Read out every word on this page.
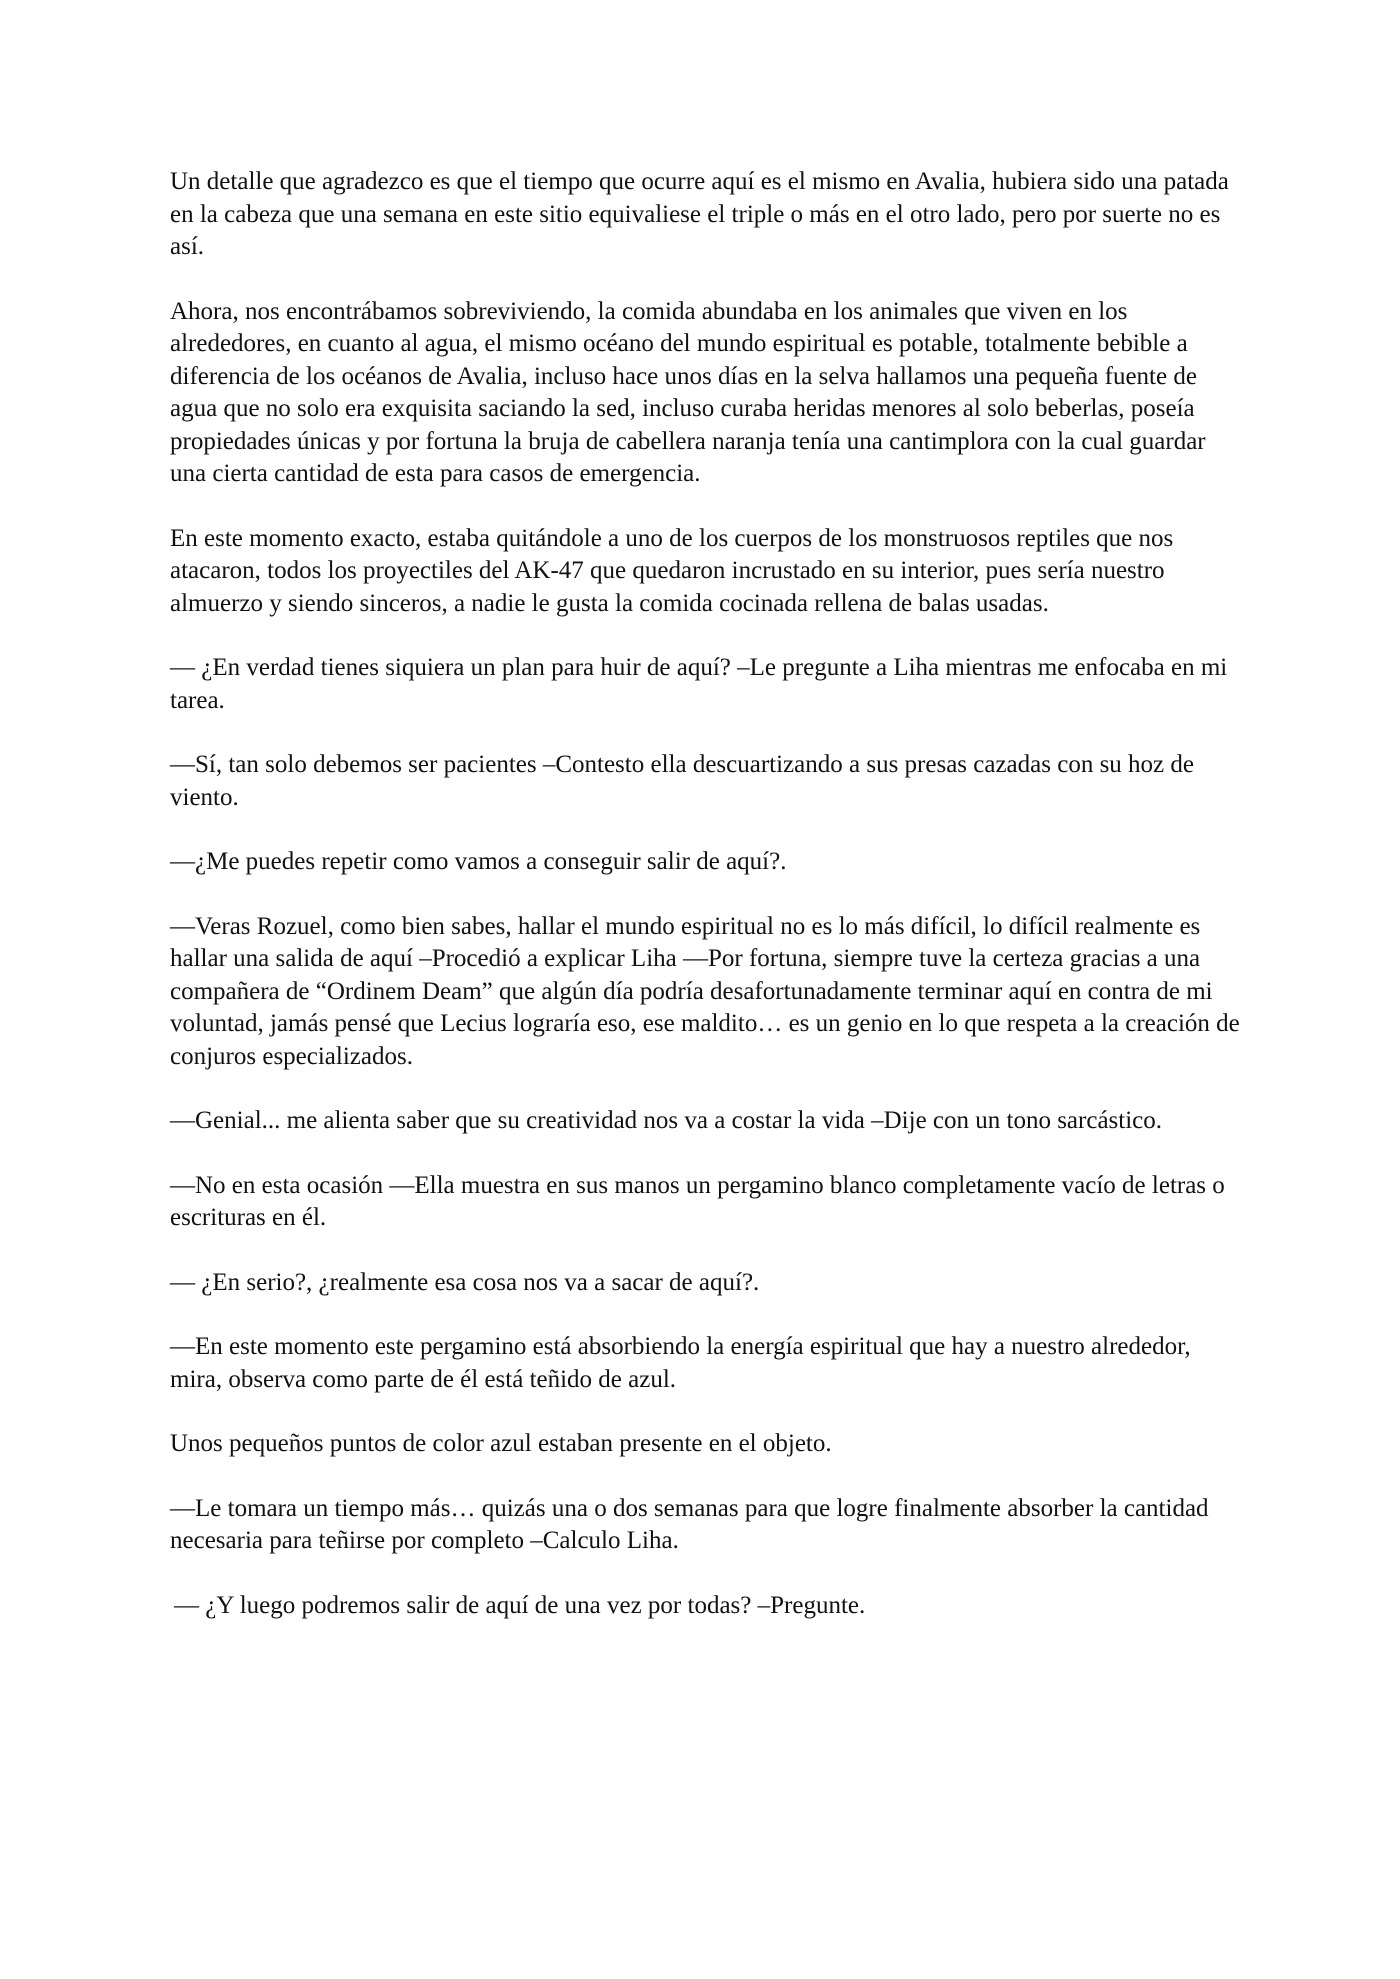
Un detalle que agradezco es que el tiempo que ocurre aquí es el mismo en Avalia, hubiera sido una patada en la cabeza que una semana en este sitio equivaliese el triple o más en el otro lado, pero por suerte no es así.

Ahora, nos encontrábamos sobreviviendo, la comida abundaba en los animales que viven en los alrededores, en cuanto al agua, el mismo océano del mundo espiritual es potable, totalmente bebible a diferencia de los océanos de Avalia, incluso hace unos días en la selva hallamos una pequeña fuente de agua que no solo era exquisita saciando la sed, incluso curaba heridas menores al solo beberlas, poseía propiedades únicas y por fortuna la bruja de cabellera naranja tenía una cantimplora con la cual guardar una cierta cantidad de esta para casos de emergencia.

En este momento exacto, estaba quitándole a uno de los cuerpos de los monstruosos reptiles que nos atacaron, todos los proyectiles del AK-47 que quedaron incrustado en su interior, pues sería nuestro almuerzo y siendo sinceros, a nadie le gusta la comida cocinada rellena de balas usadas.

— ¿En verdad tienes siquiera un plan para huir de aquí? –Le pregunte a Liha mientras me enfocaba en mi tarea.

—Sí, tan solo debemos ser pacientes –Contesto ella descuartizando a sus presas cazadas con su hoz de viento.

—¿Me puedes repetir como vamos a conseguir salir de aquí?.

—Veras Rozuel, como bien sabes, hallar el mundo espiritual no es lo más difícil, lo difícil realmente es hallar una salida de aquí –Procedió a explicar Liha —Por fortuna, siempre tuve la certeza gracias a una compañera de “Ordinem Deam” que algún día podría desafortunadamente terminar aquí en contra de mi voluntad, jamás pensé que Lecius lograría eso, ese maldito… es un genio en lo que respeta a la creación de conjuros especializados.

—Genial... me alienta saber que su creatividad nos va a costar la vida –Dije con un tono sarcástico.

—No en esta ocasión —Ella muestra en sus manos un pergamino blanco completamente vacío de letras o escrituras en él.

— ¿En serio?, ¿realmente esa cosa nos va a sacar de aquí?.

—En este momento este pergamino está absorbiendo la energía espiritual que hay a nuestro alrededor, mira, observa como parte de él está teñido de azul.

Unos pequeños puntos de color azul estaban presente en el objeto.

—Le tomara un tiempo más… quizás una o dos semanas para que logre finalmente absorber la cantidad necesaria para teñirse por completo –Calculo Liha.

— ¿Y luego podremos salir de aquí de una vez por todas? –Pregunte.
